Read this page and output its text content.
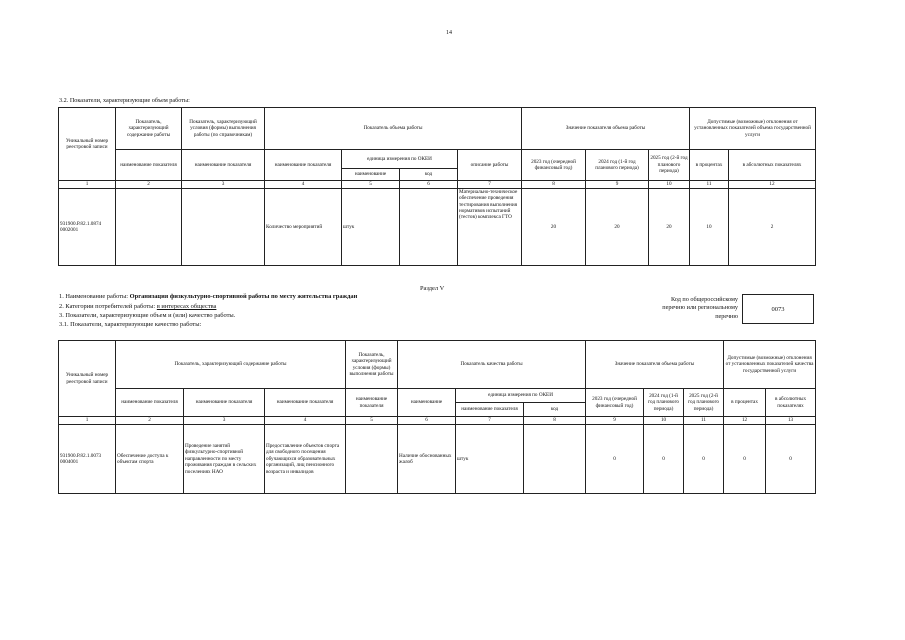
14
3.2. Показатели, характеризующие объем работы:
Уникальный номер реестровой записи	Показатель, характеризующий содержание работы	Показатель, характеризующий условия (формы) выполнения работы (по справочникам)	Показатель объема работы				Значение показателя объема работы			Допустимые (возможные) отклонения от установленных показателей объема государственной услуги	
	наименование показателя	наименование показателя	наименование показателя	единица измерения по ОКЕИ		описание работы	2023 год (очередной финансовый год)	2024 год (1-й год планового периода)	2025 год (2-й год планового периода)	в процентах	в абсолютных показателях
				наименование	код						
1	2	3	4	5	6	7	8	9	10	11	12
931900.Р.82.1.0874 0002001			Количество мероприятий	штук		Материально-техническое обеспечение проведения тестирования выполнения нормативов испытаний (тестов) комплекса ГТО	20	20	20	10	2
Раздел V
1. Наименование работы: Организация физкультурно-спортивной работы по месту жительства граждан
2. Категории потребителей работы: в интересах общества
3. Показатели, характеризующие объем и (или) качество работы.
3.1. Показатели, характеризующие качество работы:
Код по общероссийскому перечню или региональному перечню
0073
Уникальный номер реестровой записи	Показатель, характеризующий содержание работы			Показатель, характеризующий условия (формы) выполнения работы	Показатель качества работы			Значение показателя объема работы			Допустимые (возможные) отклонения от установленных показателей качества государственной услуги	
	наименование показателя	наименование показателя	наименование показателя	наименование показателя	наименование	единица измерения по ОКЕИ		2023 год (очередной финансовый год)	2024 год (1-й год планового периода)	2025 год (2-й год планового периода)	в процентах	в абсолютных показателях
						наименование показателя	код					
1	2	3	4	5	6	7	8	9	10	11	12	13
931900.Р.82.1.0073 0004001	Обеспечение доступа к объектам спорта	Проведение занятий физкультурно-спортивной направленности по месту проживания граждан в сельских поселениях НАО	Предоставление объектов спорта для свободного посещения обучающихся образовательных организаций, лиц пенсионного возраста и инвалидов		Наличие обоснованных жалоб	штук		0	0	0	0	0
